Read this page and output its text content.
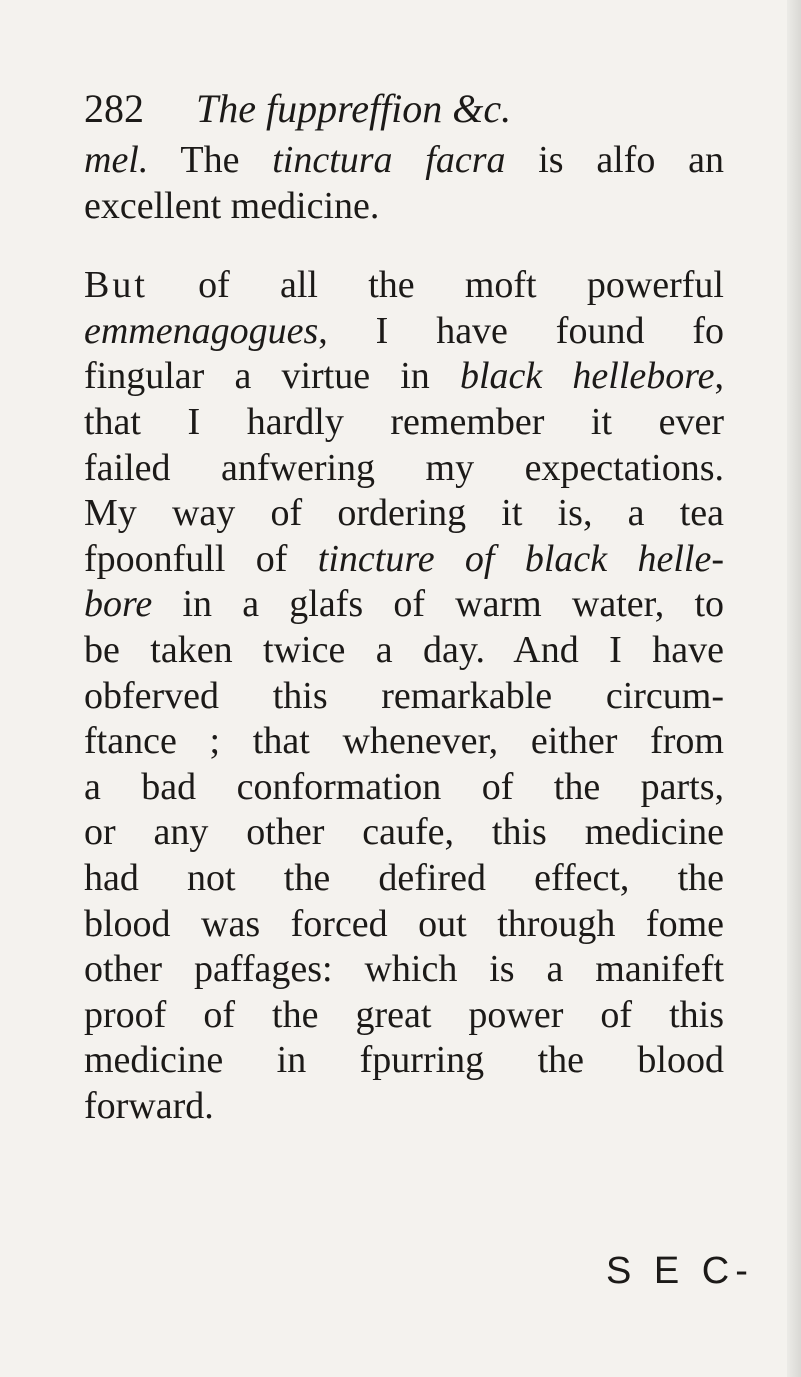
282 The fuppreffion &c.
mel. The tinctura facra is alfo an
excellent medicine.
But of all the moft powerful
emmenagogues, I have found fo
fingular a virtue in black hellebore,
that I hardly remember it ever
failed anfwering my expectations.
My way of ordering it is, a tea
fpoonfull of tincture of black helle-
bore in a glafs of warm water, to
be taken twice a day. And I have
obferved this remarkable circum-
ftance ; that whenever, either from
a bad conformation of the parts,
or any other caufe, this medicine
had not the defired effect, the
blood was forced out through fome
other paffages: which is a manifeft
proof of the great power of this
medicine in fpurring the blood
forward.
S E C-
